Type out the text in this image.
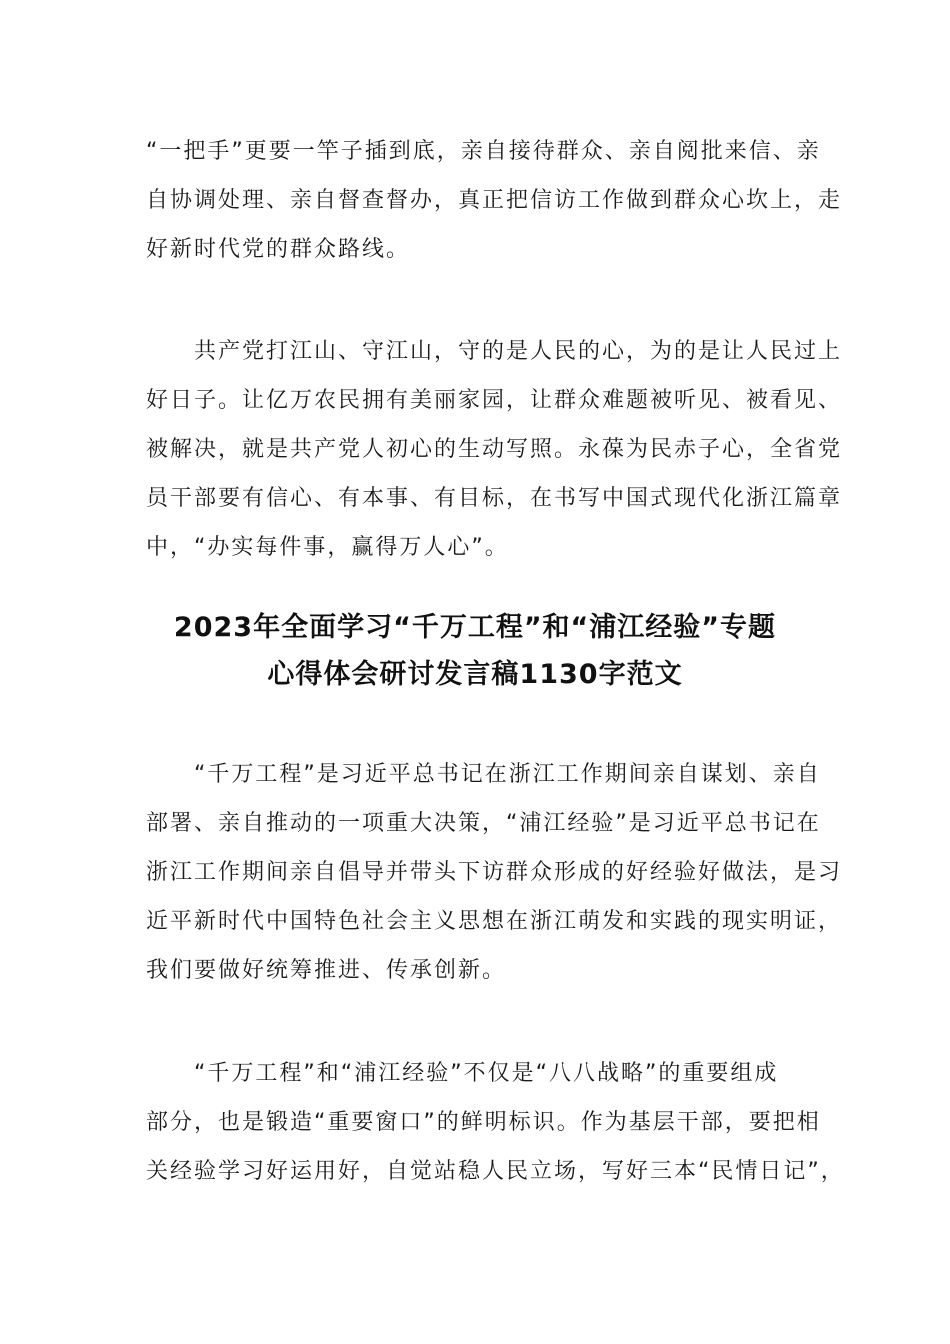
“一把手”更要一竿子插到底，亲自接待群众、亲自阅批来信、亲
自协调处理、亲自督查督办，真正把信访工作做到群众心坎上，走
好新时代党的群众路线。
　　共产党打江山、守江山，守的是人民的心，为的是让人民过上
好日子。让亿万农民拥有美丽家园，让群众难题被听见、被看见、
被解决，就是共产党人初心的生动写照。永葆为民赤子心，全省党
员干部要有信心、有本事、有目标，在书写中国式现代化浙江篇章
中，“办实每件事，赢得万人心”。
2023年全面学习“千万工程”和“浦江经验”专题
心得体会研讨发言稿1130字范文
　　“千万工程”是习近平总书记在浙江工作期间亲自谋划、亲自
部署、亲自推动的一项重大决策，“浦江经验”是习近平总书记在
浙江工作期间亲自倡导并带头下访群众形成的好经验好做法，是习
近平新时代中国特色社会主义思想在浙江萌发和实践的现实明证，
我们要做好统筹推进、传承创新。
　　“千万工程”和“浦江经验”不仅是“八八战略”的重要组成
部分，也是锻造“重要窗口”的鲜明标识。作为基层干部，要把相
关经验学习好运用好，自觉站稳人民立场，写好三本“民情日记”，
